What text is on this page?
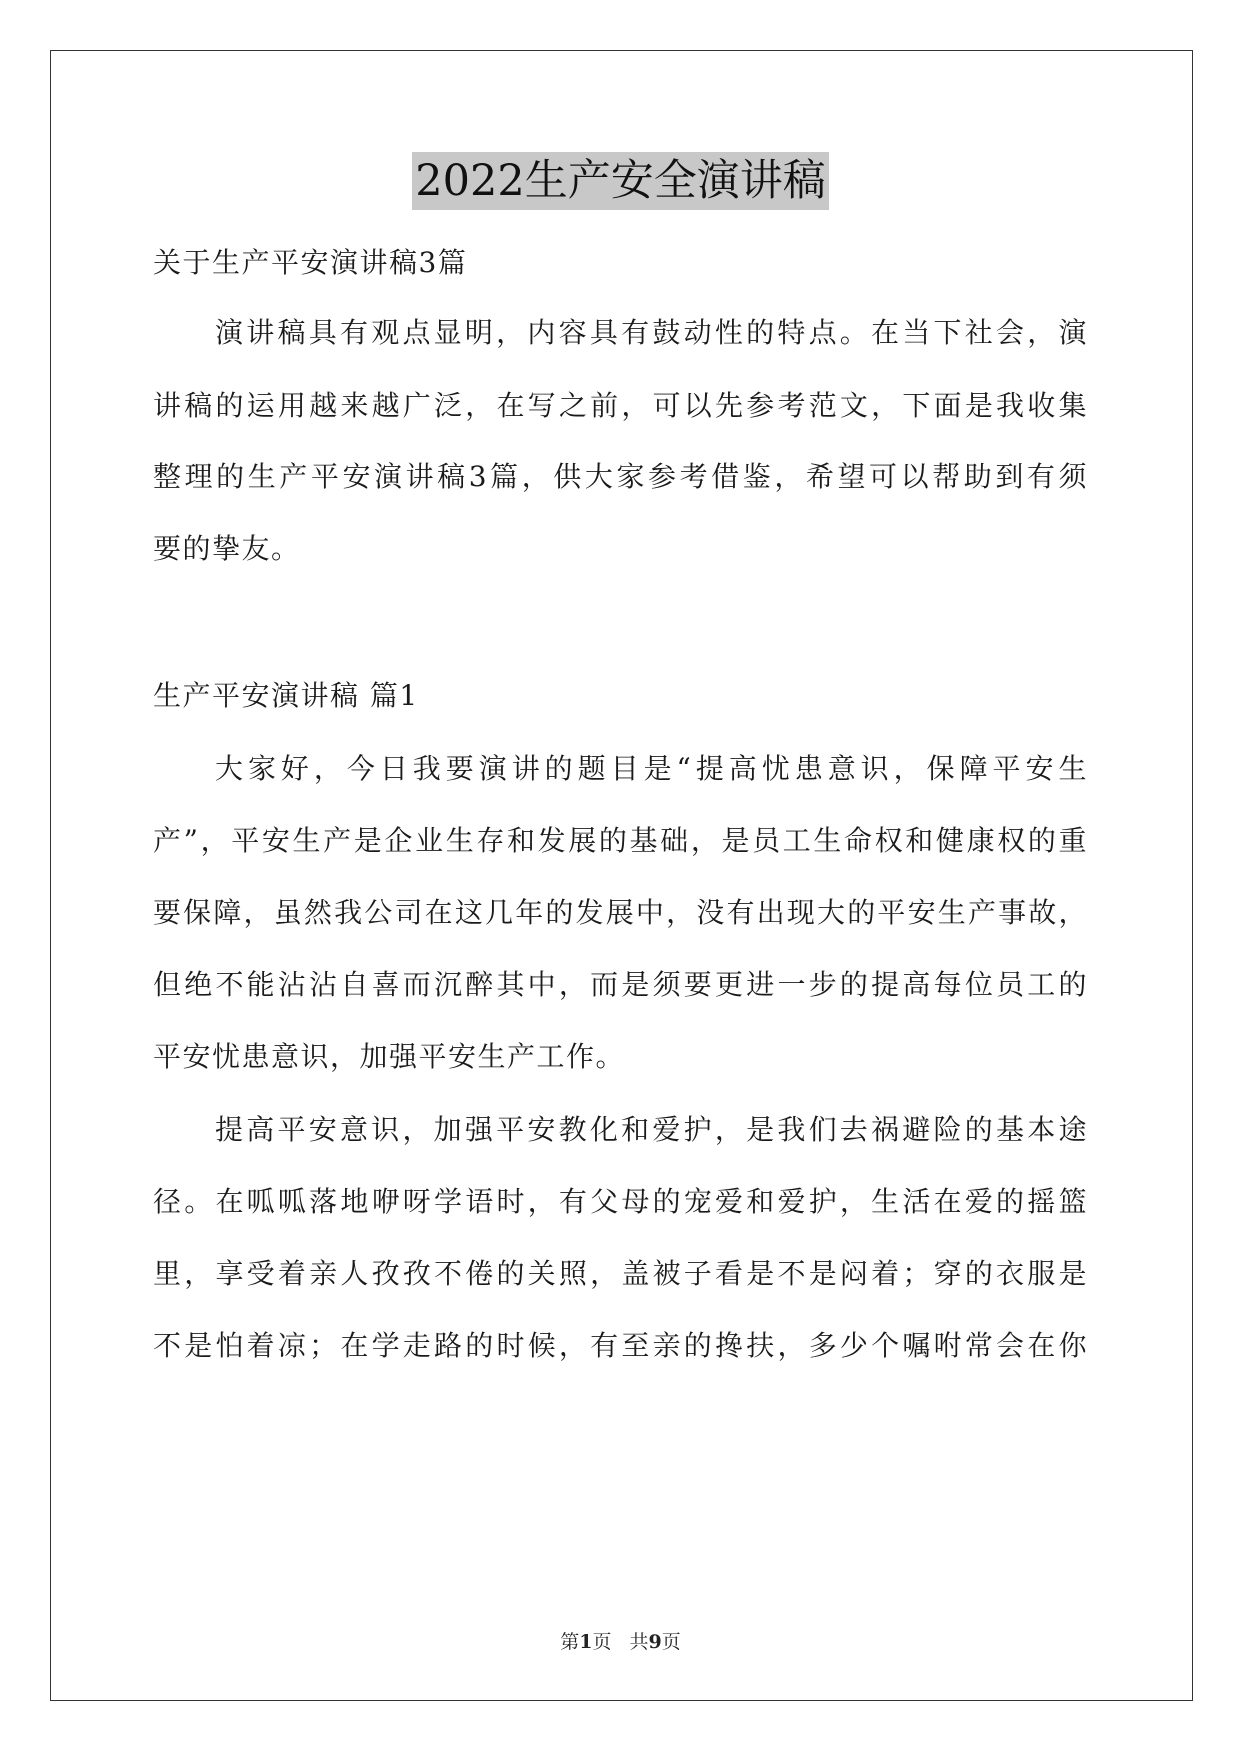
2022生产安全演讲稿
关于生产平安演讲稿3篇
演讲稿具有观点显明，内容具有鼓动性的特点。在当下社会，演
讲稿的运用越来越广泛，在写之前，可以先参考范文，下面是我收集
整理的生产平安演讲稿3篇，供大家参考借鉴，希望可以帮助到有须
要的挚友。
生产平安演讲稿 篇1
大家好，今日我要演讲的题目是“提高忧患意识，保障平安生
产”，平安生产是企业生存和发展的基础，是员工生命权和健康权的重
要保障，虽然我公司在这几年的发展中，没有出现大的平安生产事故，
但绝不能沾沾自喜而沉醉其中，而是须要更进一步的提高每位员工的
平安忧患意识，加强平安生产工作。
提高平安意识，加强平安教化和爱护，是我们去祸避险的基本途
径。在呱呱落地咿呀学语时，有父母的宠爱和爱护，生活在爱的摇篮
里，享受着亲人孜孜不倦的关照，盖被子看是不是闷着；穿的衣服是
不是怕着凉；在学走路的时候，有至亲的搀扶，多少个嘱咐常会在你
第1页 共9页
